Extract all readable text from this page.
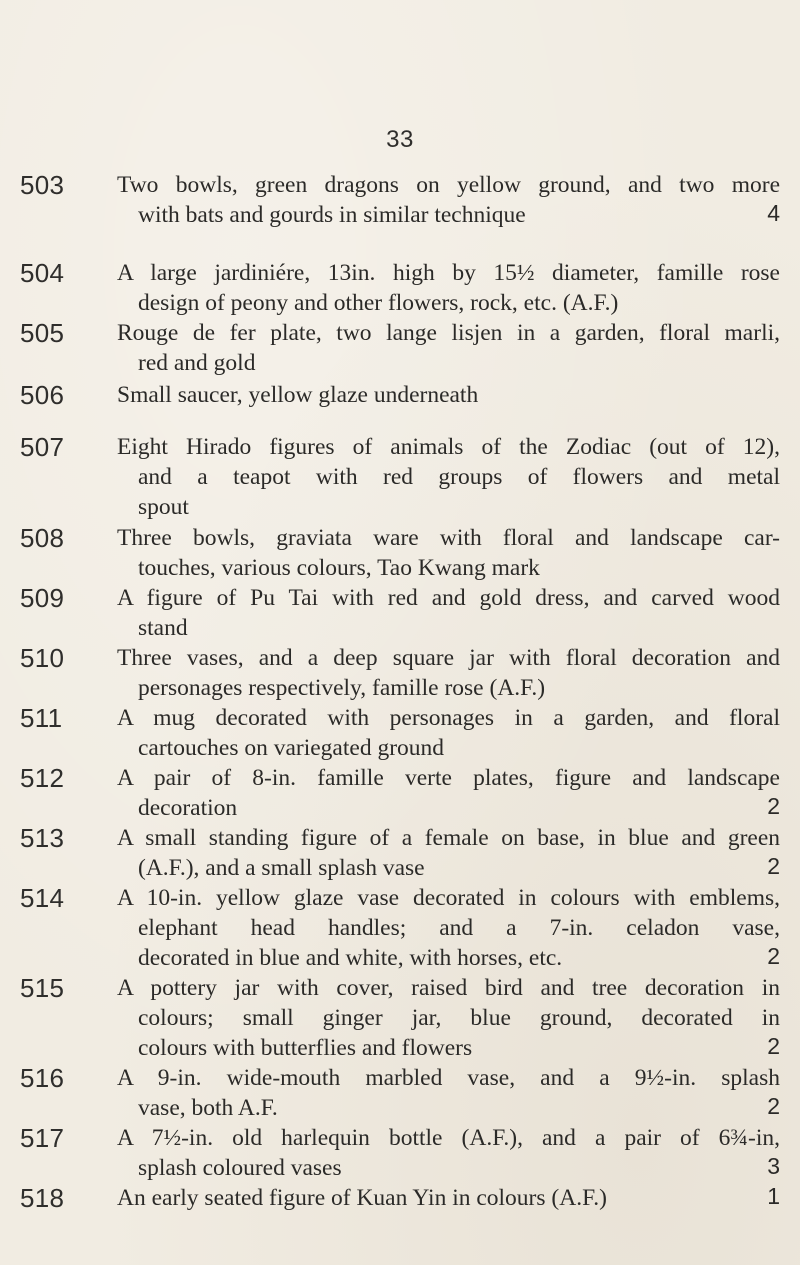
33
503 Two bowls, green dragons on yellow ground, and two more
with bats and gourds in similar technique	4
504 A large jardiniére, 13in. high by 15½ diameter, famille rose
design of peony and other flowers, rock, etc. (A.F.)
505 Rouge de fer plate, two lange lisjen in a garden, floral marli,
red and gold
506 Small saucer, yellow glaze underneath
507 Eight Hirado figures of animals of the Zodiac (out of 12),
and a teapot with red groups of flowers and metal
spout
508 Three bowls, graviata ware with floral and landscape car-
touches, various colours, Tao Kwang mark
509 A figure of Pu Tai with red and gold dress, and carved wood
stand
510 Three vases, and a deep square jar with floral decoration and
personages respectively, famille rose (A.F.)
511 A mug decorated with personages in a garden, and floral
cartouches on variegated ground
512 A pair of 8-in. famille verte plates, figure and landscape
decoration	2
513 A small standing figure of a female on base, in blue and green
(A.F.), and a small splash vase	2
514 A 10-in. yellow glaze vase decorated in colours with emblems,
elephant head handles; and a 7-in. celadon vase,
decorated in blue and white, with horses, etc.	2
515 A pottery jar with cover, raised bird and tree decoration in
colours; small ginger jar, blue ground, decorated in
colours with butterflies and flowers	2
516 A 9-in. wide-mouth marbled vase, and a 9½-in. splash
vase, both A.F.	2
517 A 7½-in. old harlequin bottle (A.F.), and a pair of 6¾-in,
splash coloured vases	3
518 An early seated figure of Kuan Yin in colours (A.F.)	1
